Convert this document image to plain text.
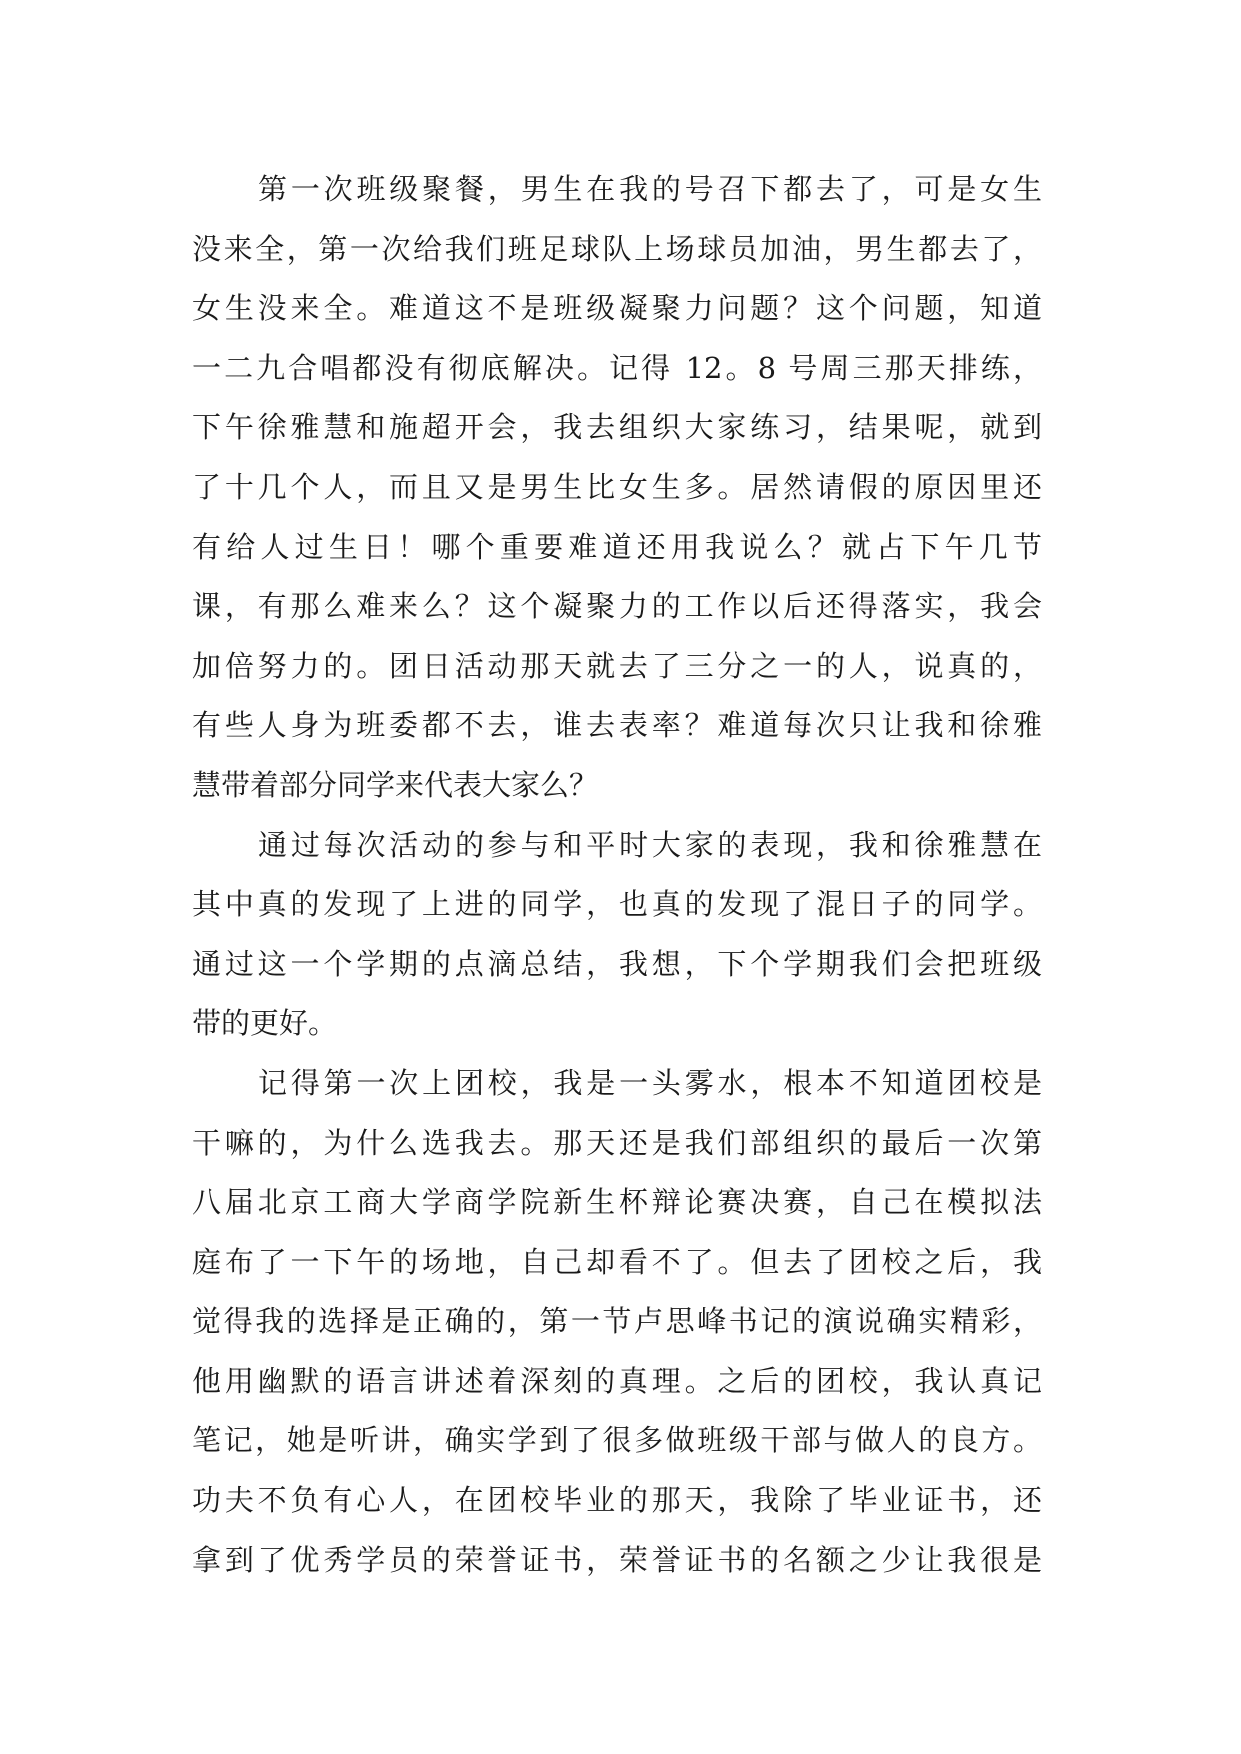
第一次班级聚餐，男生在我的号召下都去了，可是女生
没来全，第一次给我们班足球队上场球员加油，男生都去了，
女生没来全。难道这不是班级凝聚力问题？这个问题，知道
一二九合唱都没有彻底解决。记得 12。8 号周三那天排练，
下午徐雅慧和施超开会，我去组织大家练习，结果呢，就到
了十几个人，而且又是男生比女生多。居然请假的原因里还
有给人过生日！哪个重要难道还用我说么？就占下午几节
课，有那么难来么？这个凝聚力的工作以后还得落实，我会
加倍努力的。团日活动那天就去了三分之一的人，说真的，
有些人身为班委都不去，谁去表率？难道每次只让我和徐雅
慧带着部分同学来代表大家么？
通过每次活动的参与和平时大家的表现，我和徐雅慧在
其中真的发现了上进的同学，也真的发现了混日子的同学。
通过这一个学期的点滴总结，我想，下个学期我们会把班级
带的更好。
记得第一次上团校，我是一头雾水，根本不知道团校是
干嘛的，为什么选我去。那天还是我们部组织的最后一次第
八届北京工商大学商学院新生杯辩论赛决赛，自己在模拟法
庭布了一下午的场地，自己却看不了。但去了团校之后，我
觉得我的选择是正确的，第一节卢思峰书记的演说确实精彩，
他用幽默的语言讲述着深刻的真理。之后的团校，我认真记
笔记，她是听讲，确实学到了很多做班级干部与做人的良方。
功夫不负有心人，在团校毕业的那天，我除了毕业证书，还
拿到了优秀学员的荣誉证书，荣誉证书的名额之少让我很是
